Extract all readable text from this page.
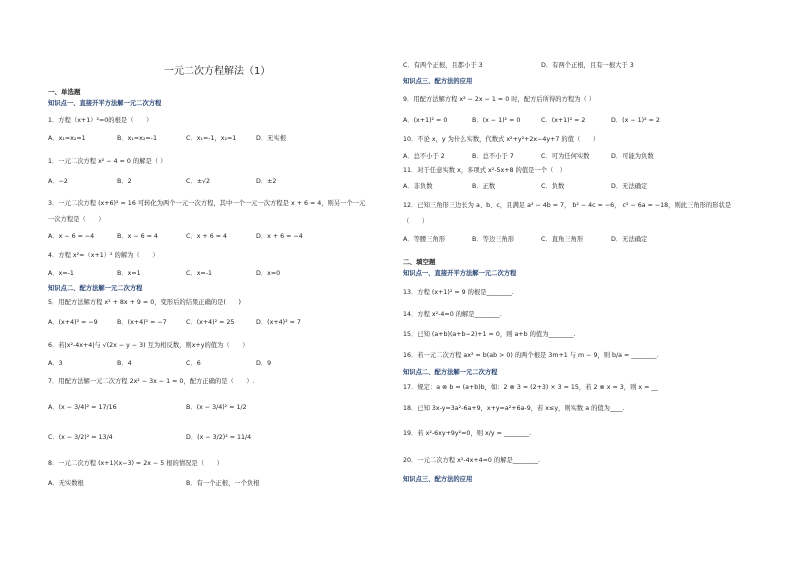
一元二次方程解法（1）
一、单选题
知识点一、直接开平方法解一元二次方程
1．方程（x+1）²=0的根是（　　）
A．x₁=x₂=1	B．x₁=x₂=-1	C．x₁=-1，x₂=1	D．无实根
1．一元二次方程 x² − 4 = 0 的解是（ ）
A．−2	B．2	C．±√2	D．±2
3．一元二次方程 (x+6)² = 16 可转化为两个一元一次方程，其中一个一元一次方程是 x + 6 = 4，则另一个一元
一次方程是（　　）
A．x − 6 = −4	B．x − 6 = 4	C．x + 6 = 4	D．x + 6 = −4
4．方程 x²=（x+1）² 的解为（　　）
A．x=-1	B．x=1	C．x=-1	D．x=0
知识点二、配方法解一元二次方程
5．用配方法解方程 x² + 8x + 9 = 0，变形后的结果正确的是(　　)
A．(x+4)² = −9	B．(x+4)² = −7	C．(x+4)² = 25	D．(x+4)² = 7
6．若|x²-4x+4|与 √(2x − y − 3) 互为相反数，则x+y的值为（　　）
A．3	B．4	C．6	D．9
7．用配方法解一元二次方程 2x² − 3x − 1 = 0，配方正确的是（　　）.
A．(x − 3/4)² = 17/16	B．(x − 3/4)² = 1/2
C．(x − 3/2)² = 13/4	D．(x − 3/2)² = 11/4
8．一元二次方程 (x+1)(x−3) = 2x − 5 根的情况是（　　）
A．无实数根	B．有一个正根，一个负根
C．有两个正根，且都小于 3	D．有两个正根，且有一根大于 3
知识点三、配方法的应用
9．用配方法解方程 x² − 2x − 1 = 0 时，配方后所得的方程为（ ）
A．(x+1)² = 0	B．(x − 1)² = 0	C．(x+1)² = 2	D．(x − 1)² = 2
10．不论 x，y 为什么实数，代数式 x²+y²+2x−4y+7 的值（　　）
A．总不小于 2	B．总不小于 7	C．可为任何实数	D．可能为负数
11．对于任意实数 x，多项式 x²-5x+8 的值是一个（　）
A．非负数	B．正数	C．负数	D．无法确定
12．已知三角形三边长为 a、b、c，且满足 a² − 4b = 7， b² − 4c = −6， c² − 6a = −18，则此三角形的形状是
（　　）
A．等腰三角形	B．等边三角形	C．直角三角形	D．无法确定
二、填空题
知识点一、直接开平方法解一元二次方程
13．方程 (x+1)² = 9 的根是________.
14．方程 x²-4=0 的解是________.
15．已知 (a+b)(a+b−2)+1 = 0，则 a+b 的值为________.
16．若一元二次方程 ax² = b(ab > 0) 的两个根是 3m+1 与 m − 9，则 b/a = ________.
知识点二、配方法解一元二次方程
17．规定：a ⊗ b = (a+b)b，如：2 ⊗ 3 = (2+3) × 3 = 15，若 2 ⊗ x = 3，则 x = __
18．已知 3x-y=3a²-6a+9，x+y=a²+6a-9，若 x≤y，则实数 a 的值为____.
19．若 x²-6xy+9y²=0，则 x/y = ________.
20．一元二次方程 x²-4x+4=0 的解是________.
知识点三、配方法的应用
